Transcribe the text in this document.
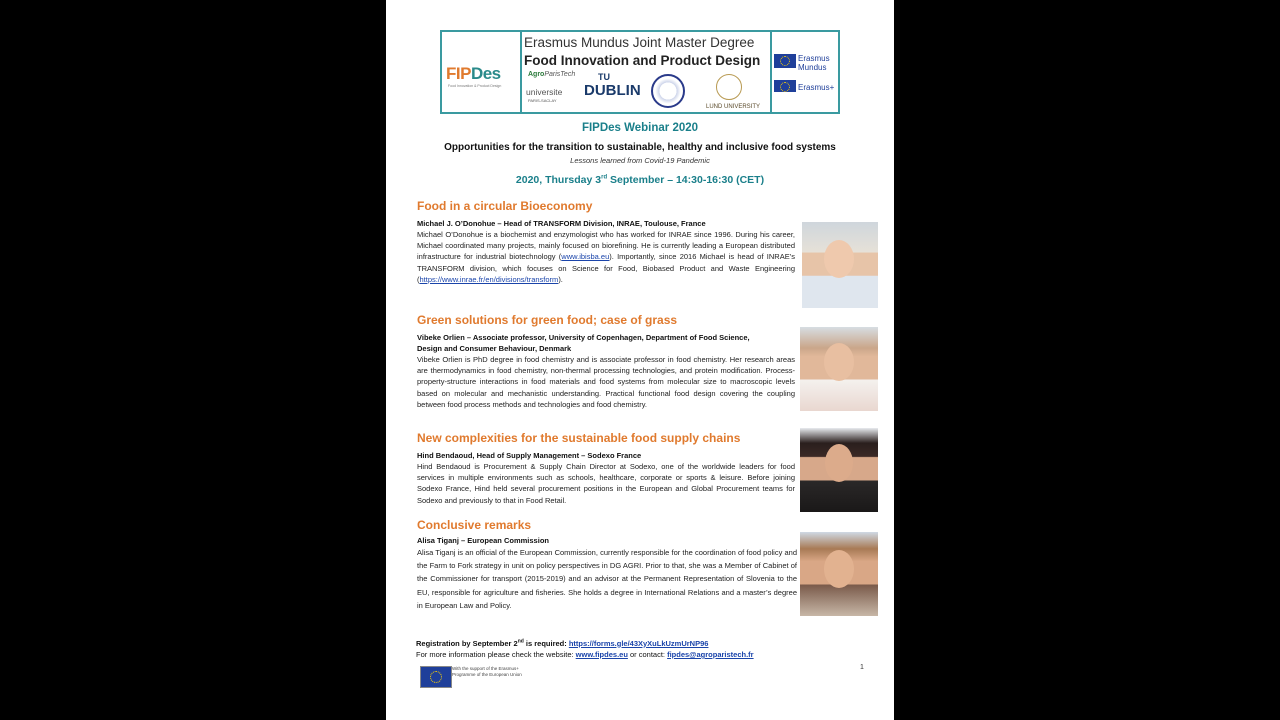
FIPDes
Food Innovation & Product Design
Erasmus Mundus Joint Master Degree
Food Innovation and Product Design
AgroParisTech
universite
PARIS-SACLAY
TU
DUBLIN
LUND UNIVERSITY
Erasmus Mundus
Erasmus+
FIPDes Webinar 2020
Opportunities for the transition to sustainable, healthy and inclusive food systems
Lessons learned from Covid-19 Pandemic
2020, Thursday 3rd September – 14:30-16:30 (CET)
Food in a circular Bioeconomy
Michael J. O’Donohue – Head of TRANSFORM Division, INRAE, Toulouse, France
Michael O’Donohue is a biochemist and enzymologist who has worked for INRAE since 1996. During his career, Michael coordinated many projects, mainly focused on biorefining. He is currently leading a European distributed infrastructure for industrial biotechnology (www.ibisba.eu). Importantly, since 2016 Michael is head of INRAE’s TRANSFORM division, which focuses on Science for Food, Biobased Product and Waste Engineering (https://www.inrae.fr/en/divisions/transform).
Green solutions for green food; case of grass
Vibeke Orlien – Associate professor, University of Copenhagen, Department of Food Science,
Design and Consumer Behaviour, Denmark
Vibeke Orlien is PhD degree in food chemistry and is associate professor in food chemistry. Her research areas are thermodynamics in food chemistry, non-thermal processing technologies, and protein modification. Process-property-structure interactions in food materials and food systems from molecular size to macroscopic levels based on molecular and mechanistic understanding. Practical functional food design covering the coupling between food process methods and technologies and food chemistry.
New complexities for the sustainable food supply chains
Hind Bendaoud, Head of Supply Management – Sodexo France
Hind Bendaoud is Procurement & Supply Chain Director at Sodexo, one of the worldwide leaders for food services in multiple environments such as schools, healthcare, corporate or sports & leisure. Before joining Sodexo France, Hind held several procurement positions in the European and Global Procurement teams for Sodexo and previously to that in Food Retail.
Conclusive remarks
Alisa Tiganj – European Commission
Alisa Tiganj is an official of the European Commission, currently responsible for the coordination of food policy and the Farm to Fork strategy in unit on policy perspectives in DG AGRI. Prior to that, she was a Member of Cabinet of the Commissioner for transport (2015-2019) and an advisor at the Permanent Representation of Slovenia to the EU, responsible for agriculture and fisheries. She holds a degree in International Relations and a master’s degree in European Law and Policy.
Registration by September 2nd is required: https://forms.gle/43XyXuLkUzmUrNP96
For more information please check the website: www.fipdes.eu or contact: fipdes@agroparistech.fr
1
With the support of the Erasmus+ Programme of the European Union
